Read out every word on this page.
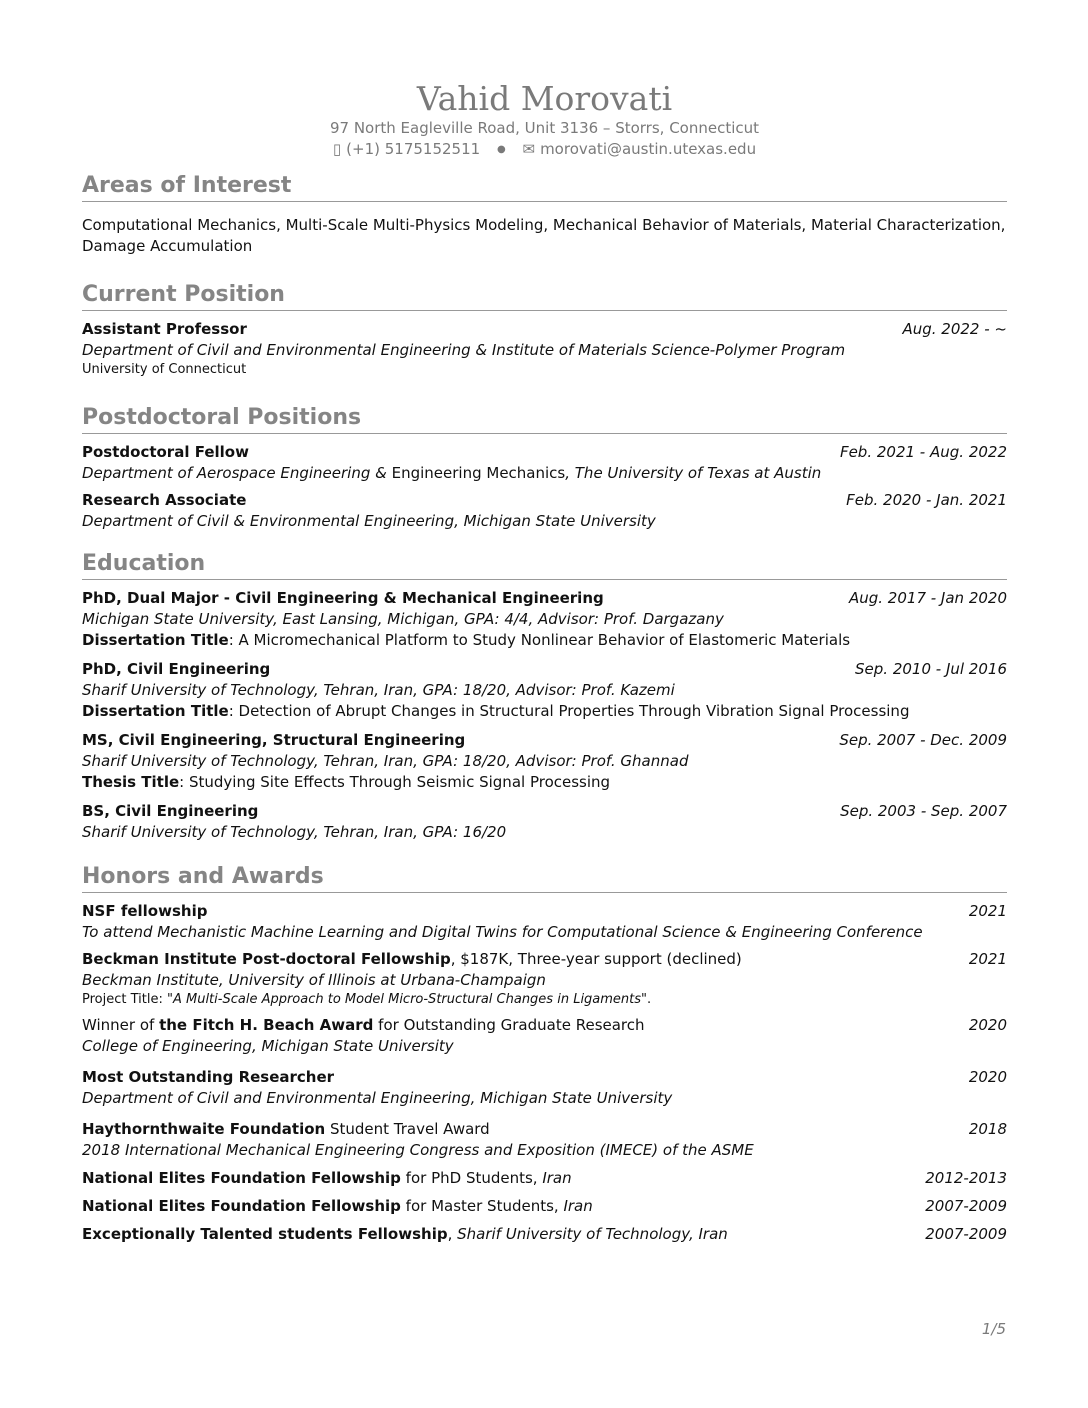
Vahid Morovati
97 North Eagleville Road, Unit 3136 – Storrs, Connecticut
▯ (+1) 5175152511 ● ✉ morovati@austin.utexas.edu
Areas of Interest
Computational Mechanics, Multi-Scale Multi-Physics Modeling, Mechanical Behavior of Materials, Material Characterization, Damage Accumulation
Current Position
Assistant Professor	Aug. 2022 - ~
Department of Civil and Environmental Engineering & Institute of Materials Science-Polymer Program
University of Connecticut
Postdoctoral Positions
Postdoctoral Fellow	Feb. 2021 - Aug. 2022
Department of Aerospace Engineering & Engineering Mechanics, The University of Texas at Austin
Research Associate	Feb. 2020 - Jan. 2021
Department of Civil & Environmental Engineering, Michigan State University
Education
PhD, Dual Major - Civil Engineering & Mechanical Engineering	Aug. 2017 - Jan 2020
Michigan State University, East Lansing, Michigan, GPA: 4/4, Advisor: Prof. Dargazany
Dissertation Title: A Micromechanical Platform to Study Nonlinear Behavior of Elastomeric Materials
PhD, Civil Engineering	Sep. 2010 - Jul 2016
Sharif University of Technology, Tehran, Iran, GPA: 18/20, Advisor: Prof. Kazemi
Dissertation Title: Detection of Abrupt Changes in Structural Properties Through Vibration Signal Processing
MS, Civil Engineering, Structural Engineering	Sep. 2007 - Dec. 2009
Sharif University of Technology, Tehran, Iran, GPA: 18/20, Advisor: Prof. Ghannad
Thesis Title: Studying Site Effects Through Seismic Signal Processing
BS, Civil Engineering	Sep. 2003 - Sep. 2007
Sharif University of Technology, Tehran, Iran, GPA: 16/20
Honors and Awards
NSF fellowship	2021
To attend Mechanistic Machine Learning and Digital Twins for Computational Science & Engineering Conference
Beckman Institute Post-doctoral Fellowship, $187K, Three-year support (declined)	2021
Beckman Institute, University of Illinois at Urbana-Champaign
Project Title: "A Multi-Scale Approach to Model Micro-Structural Changes in Ligaments".
Winner of the Fitch H. Beach Award for Outstanding Graduate Research	2020
College of Engineering, Michigan State University
Most Outstanding Researcher	2020
Department of Civil and Environmental Engineering, Michigan State University
Haythornthwaite Foundation Student Travel Award	2018
2018 International Mechanical Engineering Congress and Exposition (IMECE) of the ASME
National Elites Foundation Fellowship for PhD Students, Iran	2012-2013
National Elites Foundation Fellowship for Master Students, Iran	2007-2009
Exceptionally Talented students Fellowship, Sharif University of Technology, Iran	2007-2009
1/5
